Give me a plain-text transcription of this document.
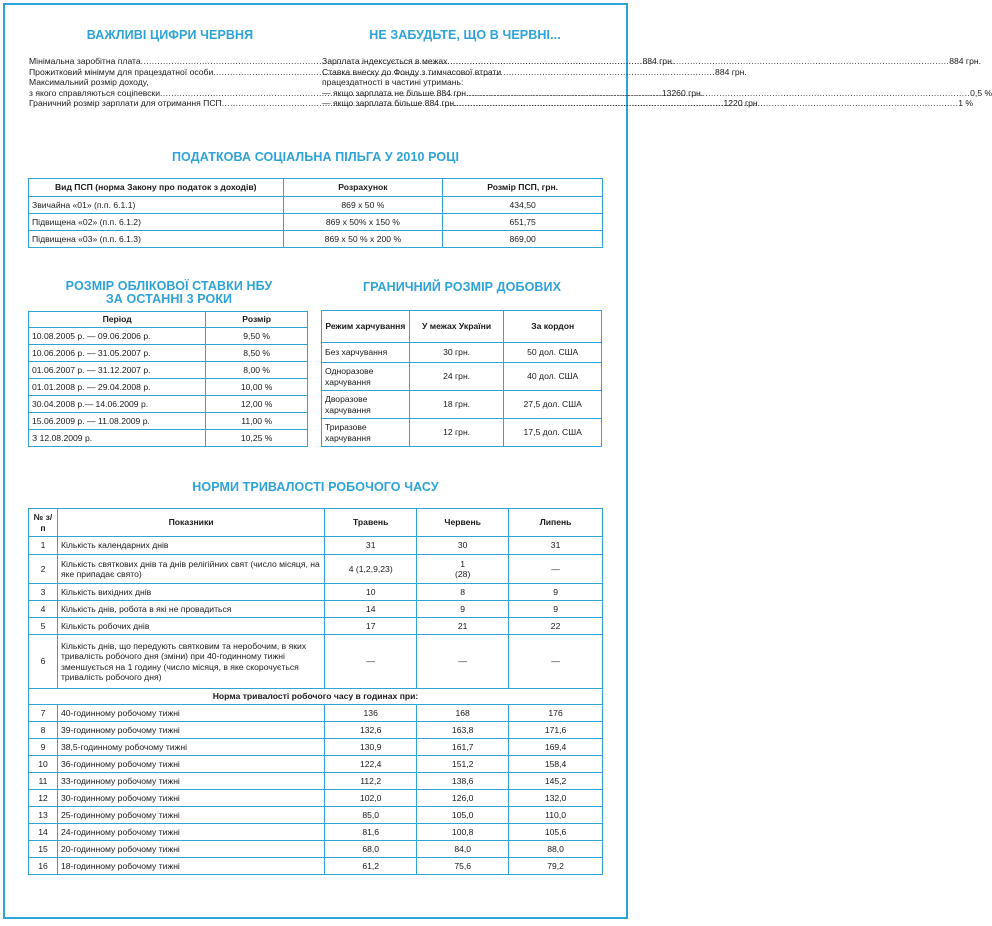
ВАЖЛИВІ ЦИФРИ ЧЕРВНЯ
Мінімальна заробітна плата .....	884 грн.
Прожитковий мінімум для працездатної особи .....	884 грн.
Максимальний розмір доходу,
з якого справляються соціпевски .....	13260 грн.
Граничний розмір зарплати для отримання ПСП .....	1220 грн.
НЕ ЗАБУДЬТЕ, ЩО В ЧЕРВНІ...
Зарплата індексується в межах .....	884 грн.
Ставка внеску до Фонду з тимчасової втрати
працездатності в частині утримань:
— якщо зарплата не більше 884 грн. .....	0,5 %
— якщо зарплата більше 884 грн. .....	1 %
ПОДАТКОВА СОЦІАЛЬНА ПІЛЬГА У 2010 РОЦІ
Вид ПСП (норма Закону про податок з доходів)	Розрахунок	Розмір ПСП, грн.
Звичайна «01» (п.п. 6.1.1)	869 x 50 %	434,50
Підвищена «02» (п.п. 6.1.2)	869 x 50% x 150 %	651,75
Підвищена «03» (п.п. 6.1.3)	869 x 50 % x 200 %	869,00
РОЗМІР ОБЛІКОВОЇ СТАВКИ НБУ
ЗА ОСТАННІ 3 РОКИ
Період	Розмір
10.08.2005 р. — 09.06.2006 р.	9,50 %
10.06.2006 р. — 31.05.2007 р.	8,50 %
01.06.2007 р. — 31.12.2007 р.	8,00 %
01.01.2008 р. — 29.04.2008 р.	10,00 %
30.04.2008 р.— 14.06.2009 р.	12,00 %
15.06.2009 р. — 11.08.2009 р.	11,00 %
З 12.08.2009 р.	10,25 %
ГРАНИЧНИЙ РОЗМІР ДОБОВИХ
Режим харчування	У межах України	За кордон
Без харчування	30 грн.	50 дол. США
Одноразове харчування	24 грн.	40 дол. США
Дворазове харчування	18 грн.	27,5 дол. США
Триразове харчування	12 грн.	17,5 дол. США
НОРМИ ТРИВАЛОСТІ РОБОЧОГО ЧАСУ
№ з/п	Показники	Травень	Червень	Липень
1	Кількість календарних днів	31	30	31
2	Кількість святкових днів та днів релігійних свят (число місяця, на яке припадає свято)	4 (1,2,9,23)	1 (28)	—
3	Кількість вихідних днів	10	8	9
4	Кількість днів, робота в які не провадиться	14	9	9
5	Кількість робочих днів	17	21	22
6	Кількість днів, що передують святковим та неробочим, в яких тривалість робочого дня (зміни) при 40-годинному тижні зменшується на 1 годину (число місяця, в яке скорочується тривалість робочого дня)	—	—	—
Норма тривалості робочого часу в годинах при:				
7	40-годинному робочому тижні	136	168	176
8	39-годинному робочому тижні	132,6	163,8	171,6
9	38,5-годинному робочому тижні	130,9	161,7	169,4
10	36-годинному робочому тижні	122,4	151,2	158,4
11	33-годинному робочому тижні	112,2	138,6	145,2
12	30-годинному робочому тижні	102,0	126,0	132,0
13	25-годинному робочому тижні	85,0	105,0	110,0
14	24-годинному робочому тижні	81,6	100,8	105,6
15	20-годинному робочому тижні	68,0	84,0	88,0
16	18-годинному робочому тижні	61,2	75,6	79,2
